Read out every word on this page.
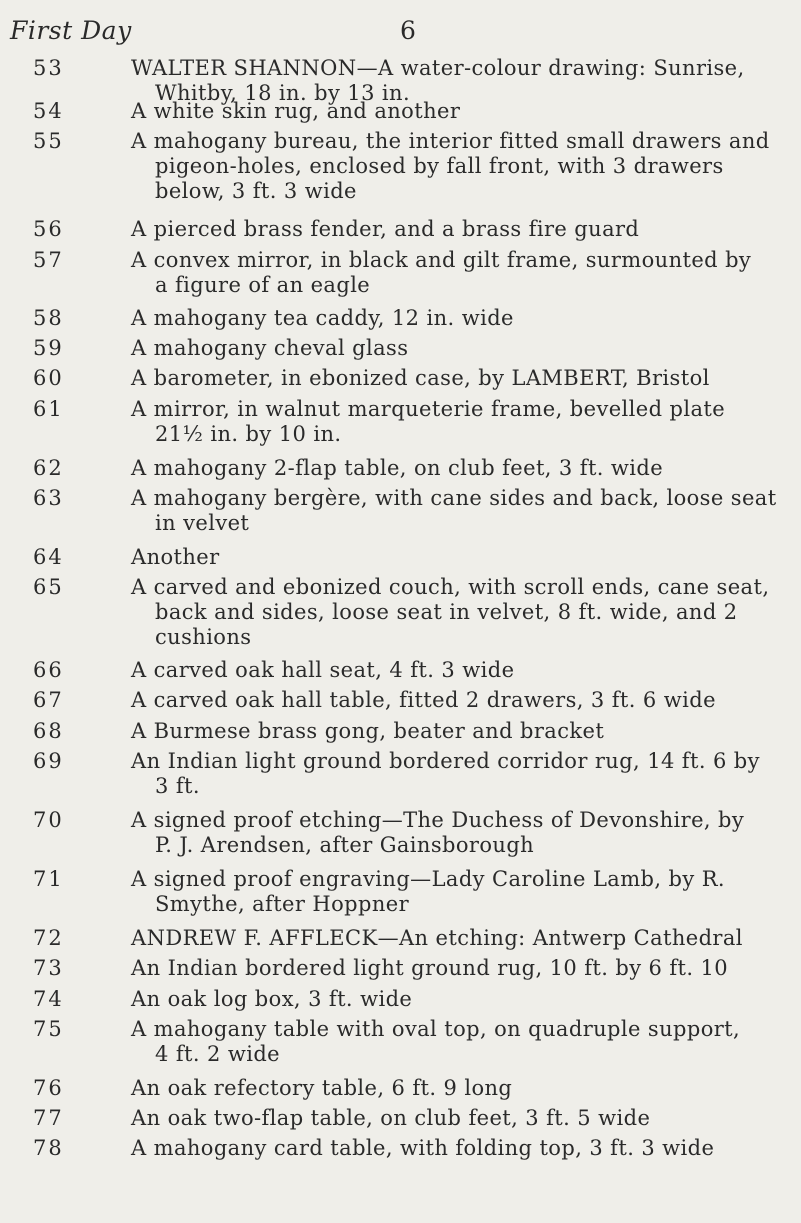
First Day	6
53	WALTER SHANNON—A water-colour drawing: Sunrise,
Whitby, 18 in. by 13 in.
54	A white skin rug, and another
55	A mahogany bureau, the interior fitted small drawers and
pigeon-holes, enclosed by fall front, with 3 drawers
below, 3 ft. 3 wide
56	A pierced brass fender, and a brass fire guard
57	A convex mirror, in black and gilt frame, surmounted by
a figure of an eagle
58	A mahogany tea caddy, 12 in. wide
59	A mahogany cheval glass
60	A barometer, in ebonized case, by LAMBERT, Bristol
61	A mirror, in walnut marqueterie frame, bevelled plate
21½ in. by 10 in.
62	A mahogany 2-flap table, on club feet, 3 ft. wide
63	A mahogany bergère, with cane sides and back, loose seat
in velvet
64	Another
65	A carved and ebonized couch, with scroll ends, cane seat,
back and sides, loose seat in velvet, 8 ft. wide, and 2
cushions
66	A carved oak hall seat, 4 ft. 3 wide
67	A carved oak hall table, fitted 2 drawers, 3 ft. 6 wide
68	A Burmese brass gong, beater and bracket
69	An Indian light ground bordered corridor rug, 14 ft. 6 by
3 ft.
70	A signed proof etching—The Duchess of Devonshire, by
P. J. Arendsen, after Gainsborough
71	A signed proof engraving—Lady Caroline Lamb, by R.
Smythe, after Hoppner
72	ANDREW F. AFFLECK—An etching: Antwerp Cathedral
73	An Indian bordered light ground rug, 10 ft. by 6 ft. 10
74	An oak log box, 3 ft. wide
75	A mahogany table with oval top, on quadruple support,
4 ft. 2 wide
76	An oak refectory table, 6 ft. 9 long
77	An oak two-flap table, on club feet, 3 ft. 5 wide
78	A mahogany card table, with folding top, 3 ft. 3 wide
